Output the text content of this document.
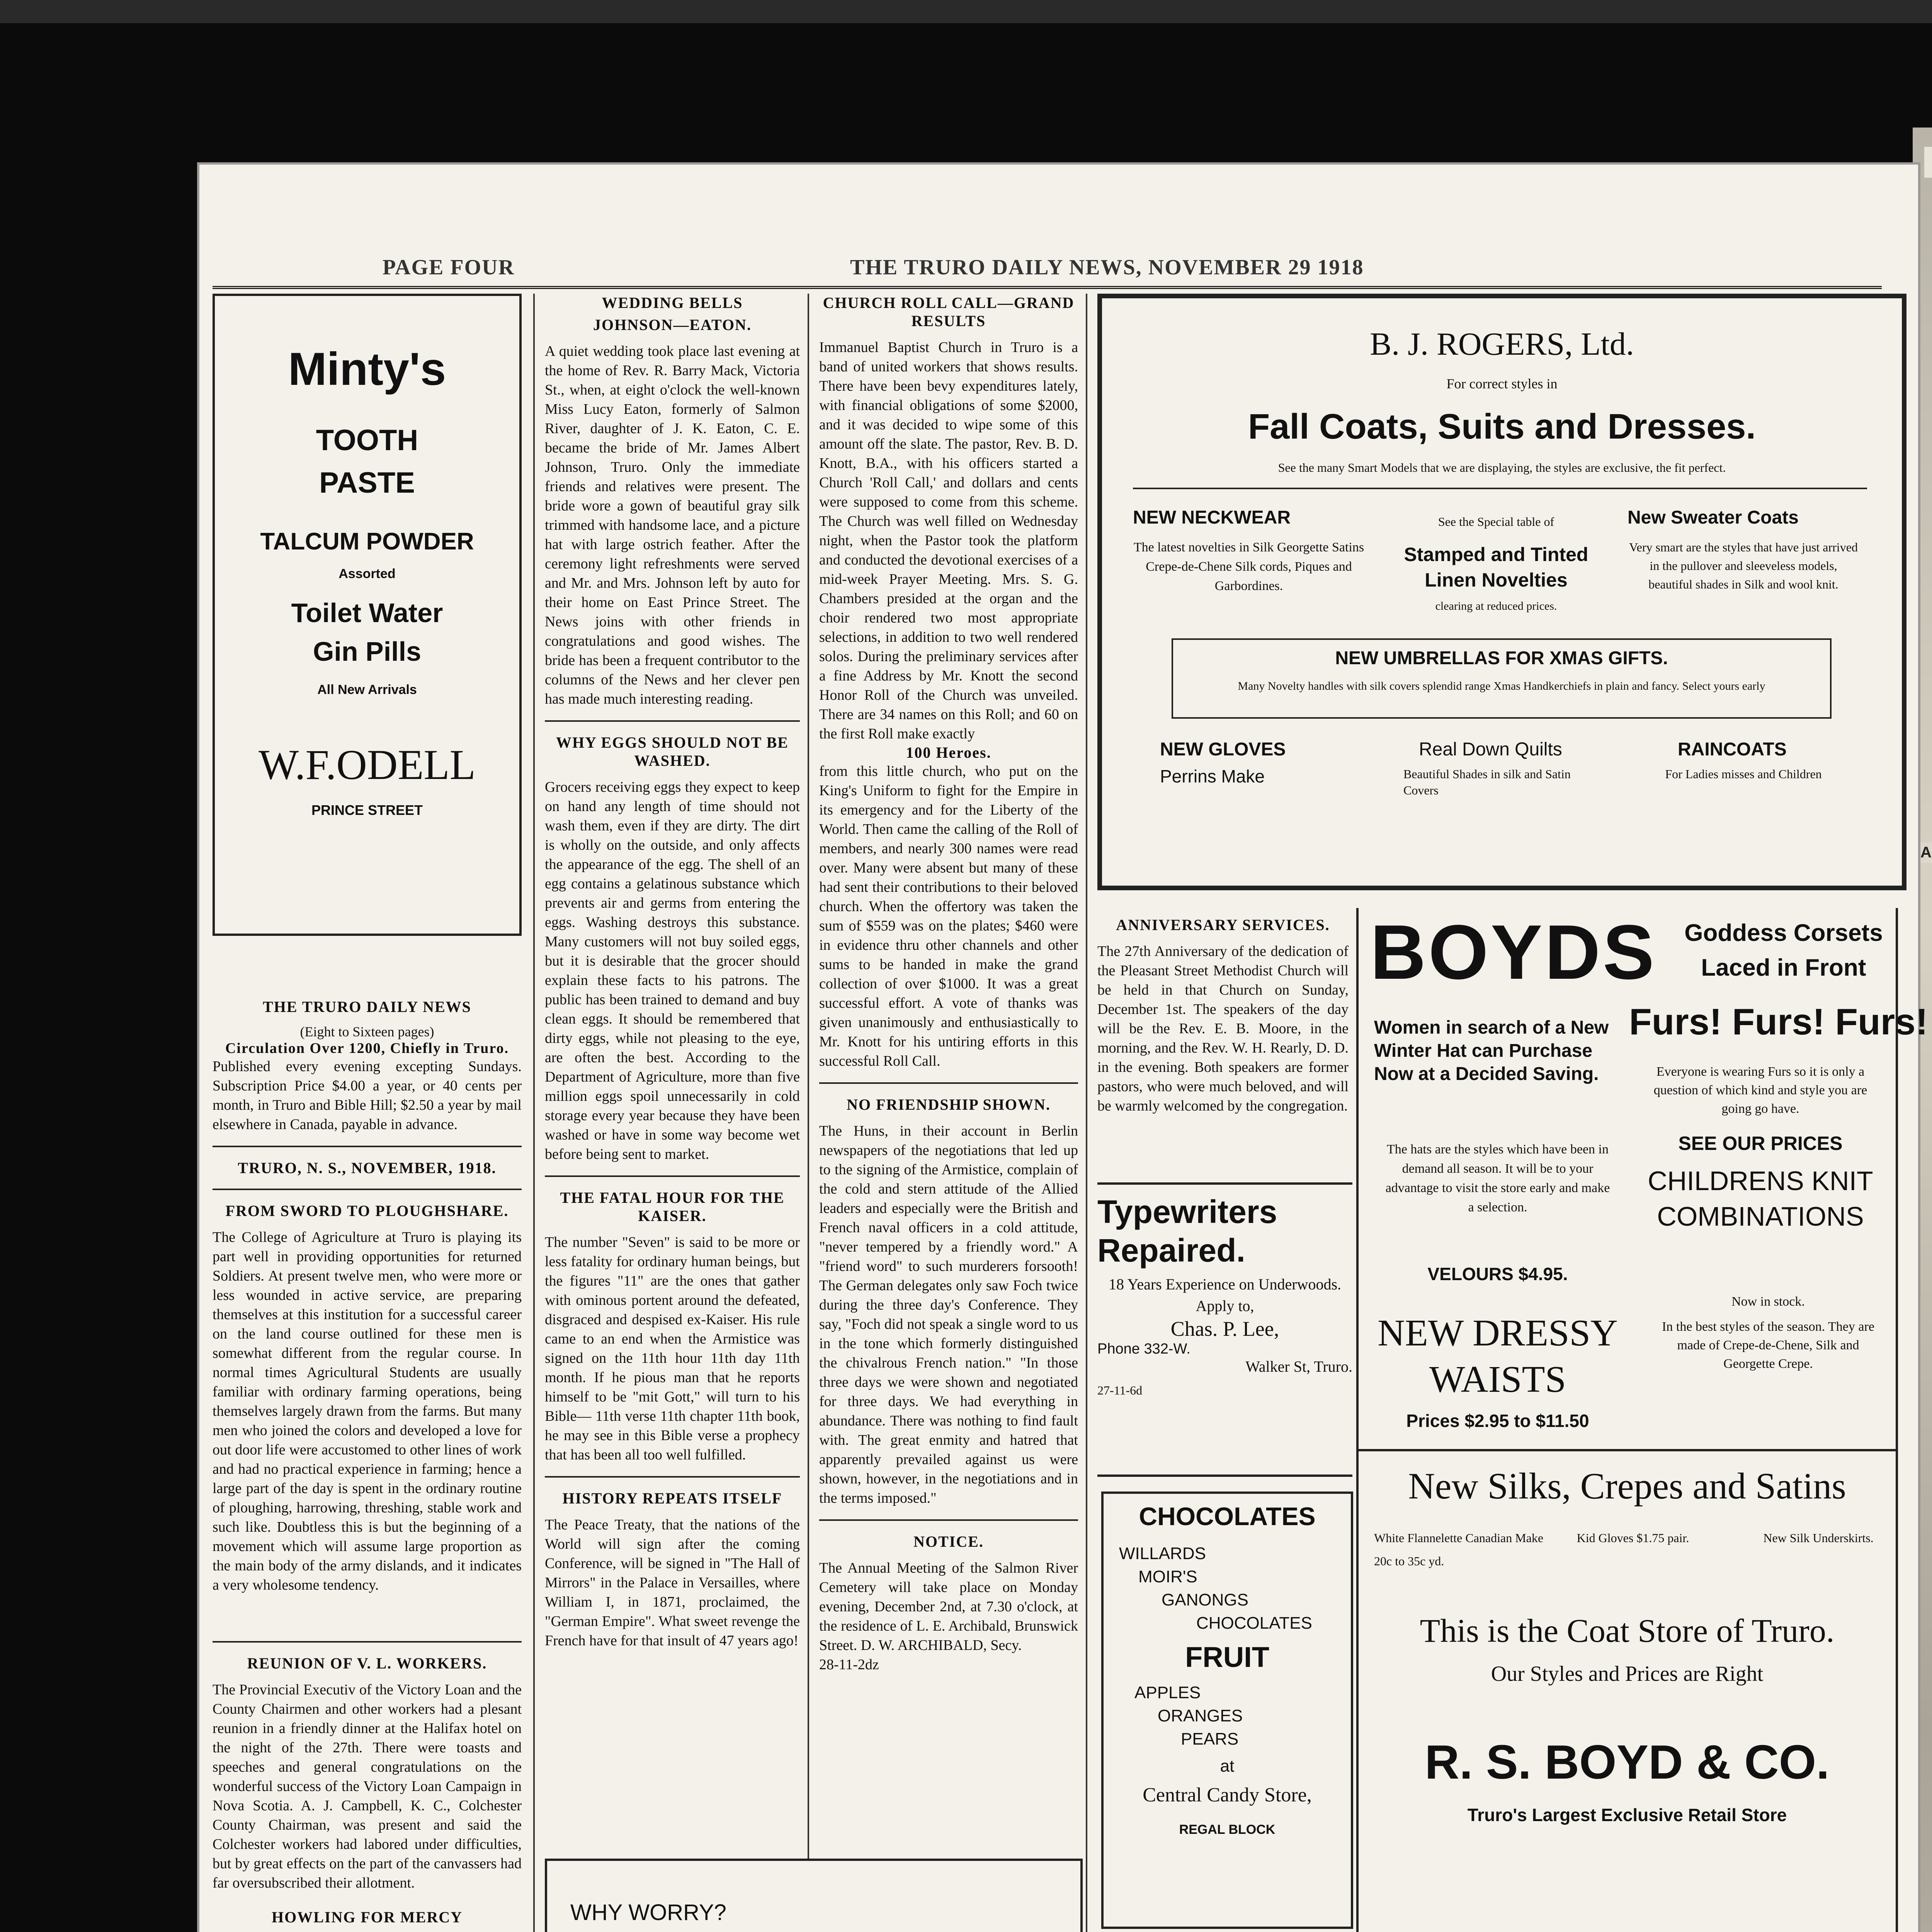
A
PAGE FOUR	THE TRURO DAILY NEWS, NOVEMBER 29 1918
Minty's
TOOTH
PASTE
TALCUM POWDER
Assorted
Toilet Water
Gin Pills
All New Arrivals
W.F.ODELL
PRINCE STREET
THE TRURO DAILY NEWS
(Eight to Sixteen pages)
Circulation Over 1200, Chiefly in Truro.
Published every evening excepting Sundays. Subscription Price $4.00 a year, or 40 cents per month, in Truro and Bible Hill; $2.50 a year by mail elsewhere in Canada, payable in advance.
TRURO, N. S., NOVEMBER, 1918.
FROM SWORD TO PLOUGHSHARE.
The College of Agriculture at Truro is playing its part well in providing opportunities for returned Soldiers. At present twelve men, who were more or less wounded in active service, are preparing themselves at this institution for a successful career on the land course outlined for these men is somewhat different from the regular course. In normal times Agricultural Students are usually familiar with ordinary farming operations, being themselves largely drawn from the farms. But many men who joined the colors and developed a love for out door life were accustomed to other lines of work and had no practical experience in farming; hence a large part of the day is spent in the ordinary routine of ploughing, harrowing, threshing, stable work and such like. Doubtless this is but the beginning of a movement which will assume large proportion as the main body of the army dislands, and it indicates a very wholesome tendency.
REUNION OF V. L. WORKERS.
The Provincial Executiv of the Victory Loan and the County Chairmen and other workers had a plesant reunion in a friendly dinner at the Halifax hotel on the night of the 27th. There were toasts and speeches and general congratulations on the wonderful success of the Victory Loan Campaign in Nova Scotia. A. J. Campbell, K. C., Colchester County Chairman, was present and said the Colchester workers had labored under difficulties, but by great effects on the part of the canvassers had far oversubscribed their allotment.
HOWLING FOR MERCY
WEDDING BELLS
JOHNSON—EATON.
A quiet wedding took place last evening at the home of Rev. R. Barry Mack, Victoria St., when, at eight o'clock the well-known Miss Lucy Eaton, formerly of Salmon River, daughter of J. K. Eaton, C. E. became the bride of Mr. James Albert Johnson, Truro. Only the immediate friends and relatives were present. The bride wore a gown of beautiful gray silk trimmed with handsome lace, and a picture hat with large ostrich feather. After the ceremony light refreshments were served and Mr. and Mrs. Johnson left by auto for their home on East Prince Street. The News joins with other friends in congratulations and good wishes. The bride has been a frequent contributor to the columns of the News and her clever pen has made much interesting reading.
WHY EGGS SHOULD NOT BE WASHED.
Grocers receiving eggs they expect to keep on hand any length of time should not wash them, even if they are dirty. The dirt is wholly on the outside, and only affects the appearance of the egg. The shell of an egg contains a gelatinous substance which prevents air and germs from entering the eggs. Washing destroys this substance. Many customers will not buy soiled eggs, but it is desirable that the grocer should explain these facts to his patrons. The public has been trained to demand and buy clean eggs. It should be remembered that dirty eggs, while not pleasing to the eye, are often the best. According to the Department of Agriculture, more than five million eggs spoil unnecessarily in cold storage every year because they have been washed or have in some way become wet before being sent to market.
THE FATAL HOUR FOR THE KAISER.
The number "Seven" is said to be more or less fatality for ordinary human beings, but the figures "11" are the ones that gather with ominous portent around the defeated, disgraced and despised ex-Kaiser. His rule came to an end when the Armistice was signed on the 11th hour 11th day 11th month. If he pious man that he reports himself to be "mit Gott," will turn to his Bible— 11th verse 11th chapter 11th book, he may see in this Bible verse a prophecy that has been all too well fulfilled.
HISTORY REPEATS ITSELF
The Peace Treaty, that the nations of the World will sign after the coming Conference, will be signed in "The Hall of Mirrors" in the Palace in Versailles, where William I, in 1871, proclaimed, the "German Empire". What sweet revenge the French have for that insult of 47 years ago!
CHURCH ROLL CALL—GRAND RESULTS
Immanuel Baptist Church in Truro is a band of united workers that shows results. There have been bevy expenditures lately, with financial obligations of some $2000, and it was decided to wipe some of this amount off the slate. The pastor, Rev. B. D. Knott, B.A., with his officers started a Church 'Roll Call,' and dollars and cents were supposed to come from this scheme. The Church was well filled on Wednesday night, when the Pastor took the platform and conducted the devotional exercises of a mid-week Prayer Meeting. Mrs. S. G. Chambers presided at the organ and the choir rendered two most appropriate selections, in addition to two well rendered solos. During the preliminary services after a fine Address by Mr. Knott the second Honor Roll of the Church was unveiled. There are 34 names on this Roll; and 60 on the first Roll make exactly
100 Heroes.
from this little church, who put on the King's Uniform to fight for the Empire in its emergency and for the Liberty of the World. Then came the calling of the Roll of members, and nearly 300 names were read over. Many were absent but many of these had sent their contributions to their beloved church. When the offertory was taken the sum of $559 was on the plates; $460 were in evidence thru other channels and other sums to be handed in make the grand collection of over $1000. It was a great successful effort. A vote of thanks was given unanimously and enthusiastically to Mr. Knott for his untiring efforts in this successful Roll Call.
NO FRIENDSHIP SHOWN.
The Huns, in their account in Berlin newspapers of the negotiations that led up to the signing of the Armistice, complain of the cold and stern attitude of the Allied leaders and especially were the British and French naval officers in a cold attitude, "never tempered by a friendly word." A "friend word" to such murderers forsooth! The German delegates only saw Foch twice during the three day's Conference. They say, "Foch did not speak a single word to us in the tone which formerly distinguished the chivalrous French nation." "In those three days we were shown and negotiated for three days. We had everything in abundance. There was nothing to find fault with. The great enmity and hatred that apparently prevailed against us were shown, however, in the negotiations and in the terms imposed."
NOTICE.
The Annual Meeting of the Salmon River Cemetery will take place on Monday evening, December 2nd, at 7.30 o'clock, at the residence of L. E. Archibald, Brunswick Street. D. W. ARCHIBALD, Secy.
28-11-2dz
WHY WORRY?
B. J. ROGERS, Ltd.
For correct styles in
Fall Coats, Suits and Dresses.
See the many Smart Models that we are displaying, the styles are exclusive, the fit perfect.
NEW NECKWEAR
The latest novelties in Silk Georgette Satins Crepe-de-Chene Silk cords, Piques and Garbordines.
See the Special table of
Stamped and Tinted Linen Novelties
clearing at reduced prices.
New Sweater Coats
Very smart are the styles that have just arrived in the pullover and sleeveless models, beautiful shades in Silk and wool knit.
NEW UMBRELLAS FOR XMAS GIFTS.
Many Novelty handles with silk covers splendid range Xmas Handkerchiefs in plain and fancy. Select yours early
NEW GLOVES
Perrins Make
Real Down Quilts
Beautiful Shades in silk and Satin Covers
RAINCOATS
For Ladies misses and Children
ANNIVERSARY SERVICES.
The 27th Anniversary of the dedication of the Pleasant Street Methodist Church will be held in that Church on Sunday, December 1st. The speakers of the day will be the Rev. E. B. Moore, in the morning, and the Rev. W. H. Rearly, D. D. in the evening. Both speakers are former pastors, who were much beloved, and will be warmly welcomed by the congregation.
Typewriters Repaired.
18 Years Experience on Underwoods. Apply to,
Chas. P. Lee,
Phone 332-W.
Walker St, Truro.
27-11-6d
CHOCOLATES
WILLARDS
MOIR'S
GANONGS
CHOCOLATES
FRUIT
APPLES
ORANGES
PEARS
at
Central Candy Store,
REGAL BLOCK
BOYDS	Goddess Corsets Laced in Front
Women in search of a New Winter Hat can Purchase Now at a Decided Saving.
The hats are the styles which have been in demand all season. It will be to your advantage to visit the store early and make a selection.
VELOURS $4.95.
Furs! Furs! Furs!
Everyone is wearing Furs so it is only a question of which kind and style you are going go have.
SEE OUR PRICES
CHILDRENS KNIT COMBINATIONS
NEW DRESSY WAISTS
Prices $2.95 to $11.50
Now in stock.
In the best styles of the season. They are made of Crepe-de-Chene, Silk and Georgette Crepe.
New Silks, Crepes and Satins
White Flannelette Canadian Make 20c to 35c yd.
Kid Gloves $1.75 pair.	New Silk Underskirts.
This is the Coat Store of Truro.
Our Styles and Prices are Right
R. S. BOYD & CO.
Truro's Largest Exclusive Retail Store
